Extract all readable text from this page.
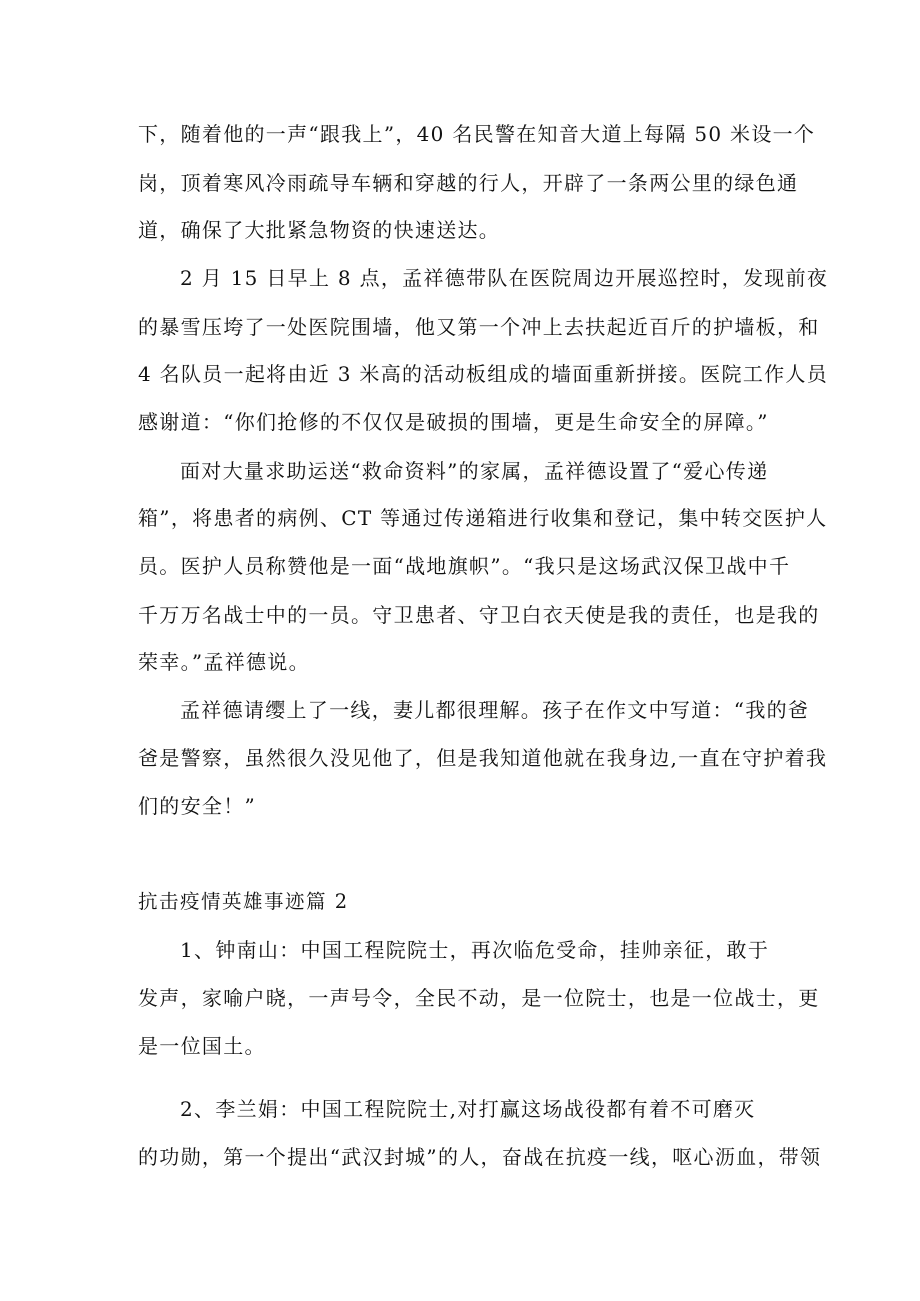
下，随着他的一声“跟我上”，40 名民警在知音大道上每隔 50 米设一个
岗，顶着寒风冷雨疏导车辆和穿越的行人，开辟了一条两公里的绿色通
道，确保了大批紧急物资的快速送达。
2 月 15 日早上 8 点，孟祥德带队在医院周边开展巡控时，发现前夜
的暴雪压垮了一处医院围墙，他又第一个冲上去扶起近百斤的护墙板，和
4 名队员一起将由近 3 米高的活动板组成的墙面重新拼接。医院工作人员
感谢道：“你们抢修的不仅仅是破损的围墙，更是生命安全的屏障。”
面对大量求助运送“救命资料”的家属，孟祥德设置了“爱心传递
箱”，将患者的病例、CT 等通过传递箱进行收集和登记，集中转交医护人
员。医护人员称赞他是一面“战地旗帜”。“我只是这场武汉保卫战中千
千万万名战士中的一员。守卫患者、守卫白衣天使是我的责任，也是我的
荣幸。”孟祥德说。
孟祥德请缨上了一线，妻儿都很理解。孩子在作文中写道：“我的爸
爸是警察，虽然很久没见他了，但是我知道他就在我身边,一直在守护着我
们的安全！”
抗击疫情英雄事迹篇 2
1、钟南山：中国工程院院士，再次临危受命，挂帅亲征，敢于
发声，家喻户晓，一声号令，全民不动，是一位院士，也是一位战士，更
是一位国土。
2、李兰娟：中国工程院院士,对打赢这场战役都有着不可磨灭
的功勋，第一个提出“武汉封城”的人，奋战在抗疫一线，呕心沥血，带领
